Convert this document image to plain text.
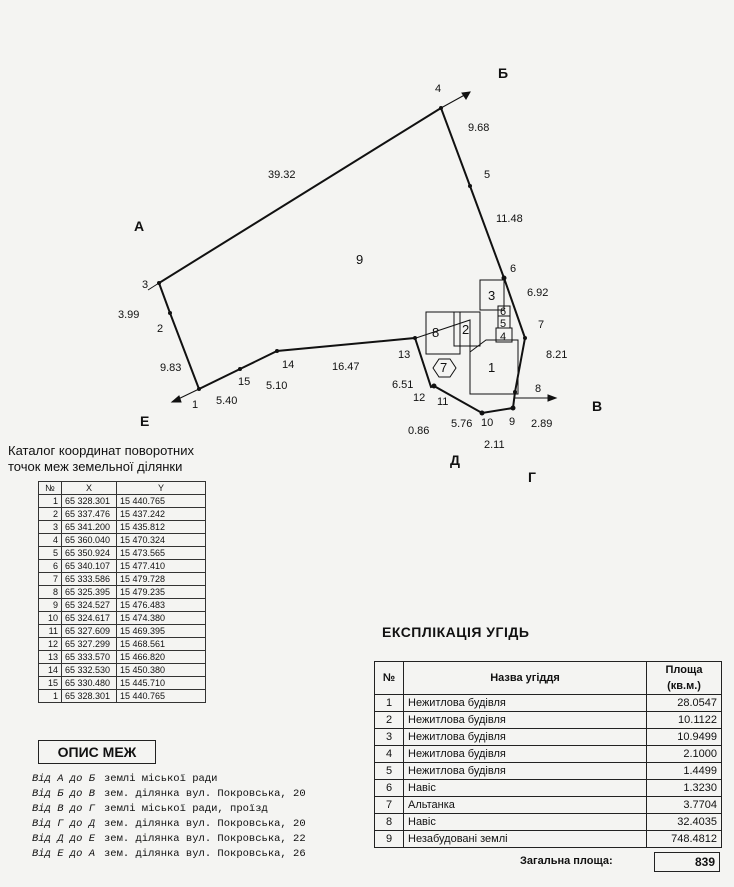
9
А
Б
В
Г
Д
Е
1
2
3
4
5
6
7
8
9
10
11
12
13
14
15
39.32
9.68
11.48
6.92
8.21
2.89
2.11
5.76
0.86
6.51
16.47
5.10
5.40
9.83
3.99
1
2
3
4
5
6
7
8
Каталог координат поворотних
точок меж земельної ділянки
№	X	Y
1	65 328.301	15 440.765
2	65 337.476	15 437.242
3	65 341.200	15 435.812
4	65 360.040	15 470.324
5	65 350.924	15 473.565
6	65 340.107	15 477.410
7	65 333.586	15 479.728
8	65 325.395	15 479.235
9	65 324.527	15 476.483
10	65 324.617	15 474.380
11	65 327.609	15 469.395
12	65 327.299	15 468.561
13	65 333.570	15 466.820
14	65 332.530	15 450.380
15	65 330.480	15 445.710
1	65 328.301	15 440.765
ЕКСПЛІКАЦІЯ УГІДЬ
№	Назва угіддя	Площа (кв.м.)
1	Нежитлова будівля	28.0547
2	Нежитлова будівля	10.1122
3	Нежитлова будівля	10.9499
4	Нежитлова будівля	2.1000
5	Нежитлова будівля	1.4499
6	Навіс	1.3230
7	Альтанка	3.7704
8	Навіс	32.4035
9	Незабудовані землі	748.4812
Загальна площа:	839
ОПИС МЕЖ
Від А до Б землі міської ради
Від Б до В зем. ділянка вул. Покровська, 20
Від В до Г землі міської ради, проїзд
Від Г до Д зем. ділянка вул. Покровська, 20
Від Д до Е зем. ділянка вул. Покровська, 22
Від Е до А зем. ділянка вул. Покровська, 26
